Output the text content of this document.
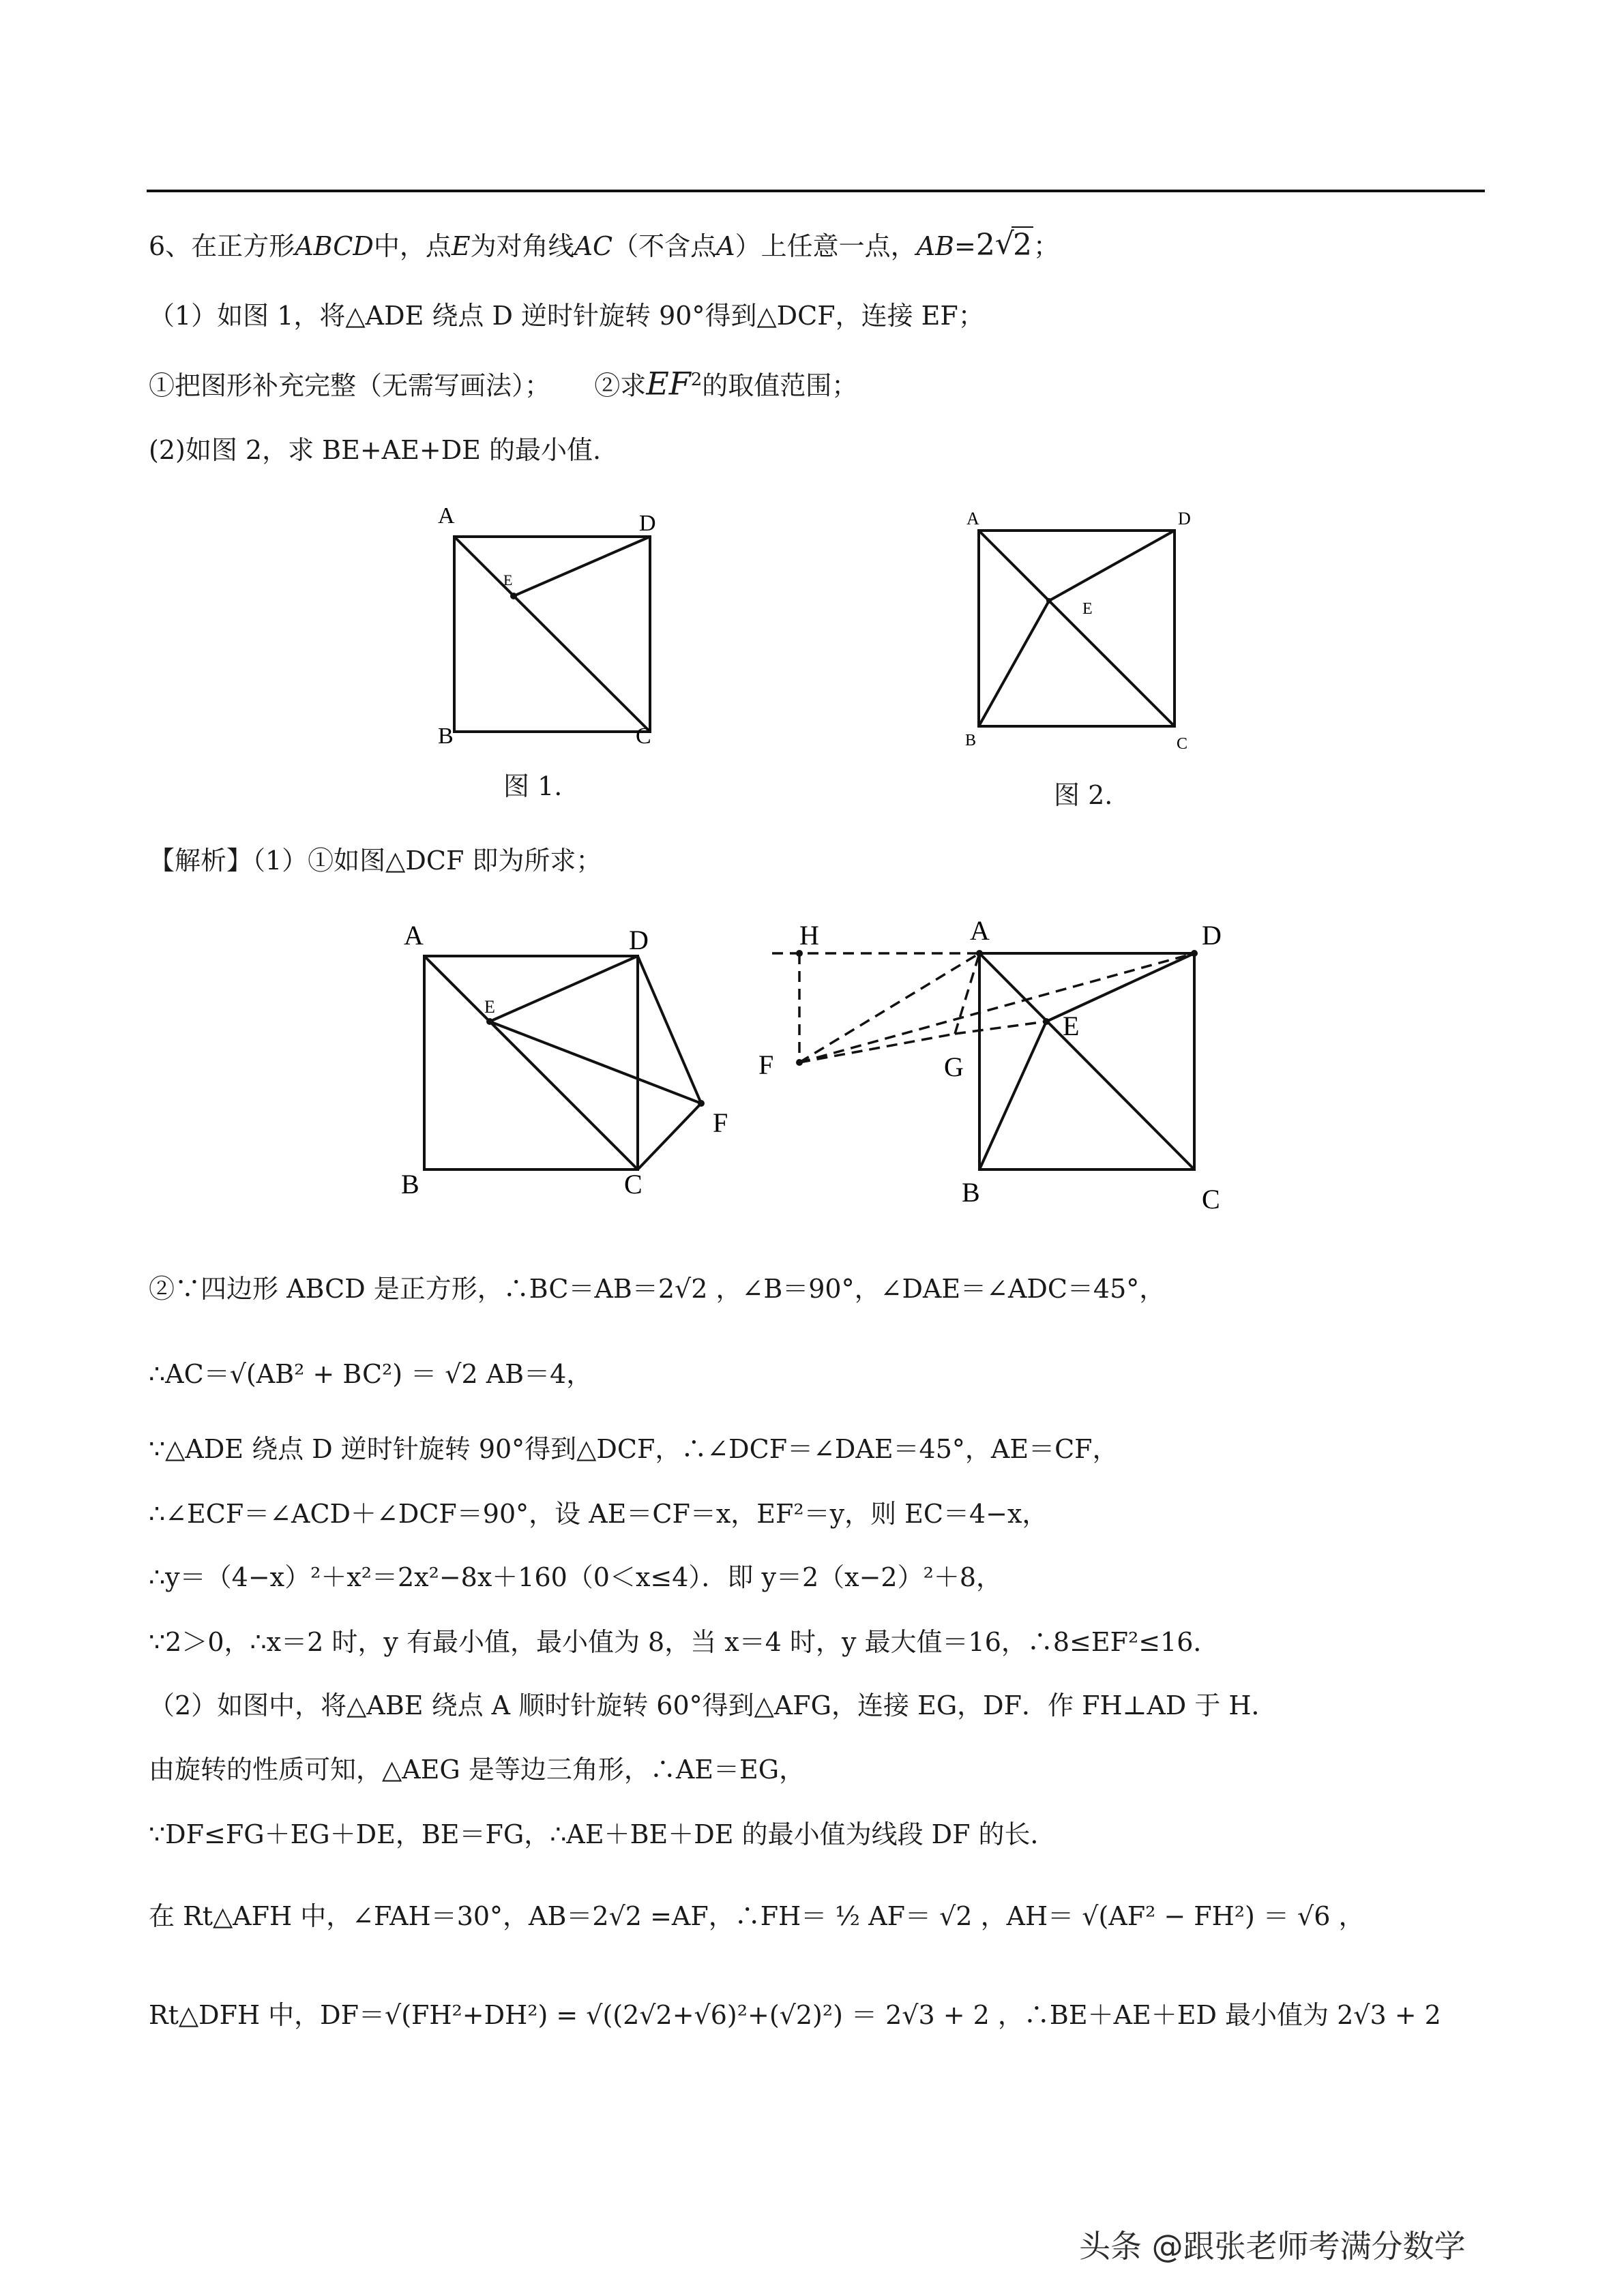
6、在正方形ABCD中，点E为对角线AC（不含点A）上任意一点，AB=2√ 2；
（1）如图 1，将△ADE 绕点 D 逆时针旋转 90°得到△DCF，连接 EF；
①把图形补充完整（无需写画法）； ②求$EF^2$的取值范围；
(2)如图 2，求 BE+AE+DE 的最小值.
A	D
E
B	C
图 1.
A	D
E
B	C
图 2.
【解析】（1）①如图△DCF 即为所求；
A	D
E
F
B	C
H	A	D
E
F	G
B	C
②∵四边形 ABCD 是正方形，∴BC＝AB＝2√2 ，∠B＝90°，∠DAE＝∠ADC＝45°，
∴AC＝√(AB² + BC²) ＝ √2 AB＝4，
∵△ADE 绕点 D 逆时针旋转 90°得到△DCF，∴∠DCF＝∠DAE＝45°，AE＝CF，
∴∠ECF＝∠ACD＋∠DCF＝90°，设 AE＝CF＝x，EF²＝y，则 EC＝4−x，
∴y＝（4−x）²＋x²＝2x²−8x＋160（0＜x≤4）．即 y＝2（x−2）²＋8，
∵2＞0，∴x＝2 时，y 有最小值，最小值为 8，当 x＝4 时，y 最大值＝16，∴8≤EF²≤16．
（2）如图中，将△ABE 绕点 A 顺时针旋转 60°得到△AFG，连接 EG，DF．作 FH⊥AD 于 H．
由旋转的性质可知，△AEG 是等边三角形，∴AE＝EG，
∵DF≤FG＋EG＋DE，BE＝FG，∴AE＋BE＋DE 的最小值为线段 DF 的长．
在 Rt△AFH 中，∠FAH＝30°，AB＝2√2 =AF，∴FH＝ ½ AF＝ √2 ，AH＝ √(AF² − FH²) ＝ √6 ，
Rt△DFH 中，DF＝√(FH²+DH²) = √((2√2+√6)²+(√2)²) ＝ 2√3 + 2 ，∴BE＋AE＋ED 最小值为 2√3 + 2
头条 @跟张老师考满分数学
